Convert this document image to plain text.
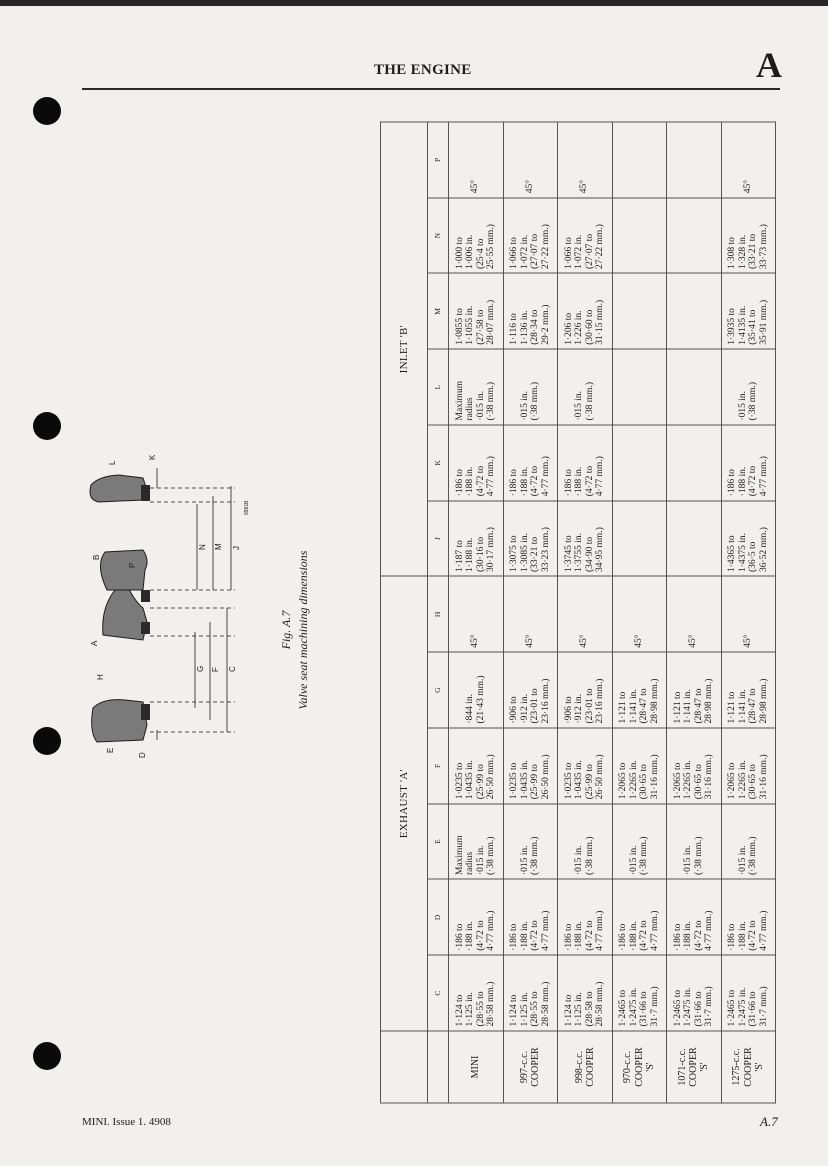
THE ENGINE	A
A
B
C
D
E
F
G
H
J
K
L
M
N
P
9981B
Fig. A.7 Valve seat machining dimensions
	EXHAUST 'A'						INLET 'B'					
	C	D	E	F	G	H	J	K	L	M	N	P

MINI	1·124 to 1·125 in. (28·55 to 28·58 mm.)	·186 to ·188 in. (4·72 to 4·77 mm.)	Maximum radius ·015 in. (·38 mm.)	1·0235 to 1·0435 in. (25·99 to 26·50 mm.)	·844 in. (21·43 mm.)	45°	1·187 to 1·188 in. (30·16 to 30·17 mm.)	·186 to ·188 in. (4·72 to 4·77 mm.)	Maximum radius ·015 in. (·38 mm.)	1·0855 to 1·1055 in. (27·58 to 28·07 mm.)	1·000 to 1·006 in. (25·4 to 25·55 mm.)	45°

997-c.c. COOPER	1·124 to 1·125 in. (28·55 to 28·58 mm.)	·186 to ·188 in. (4·72 to 4·77 mm.)	·015 in. (·38 mm.)	1·0235 to 1·0435 in. (25·99 to 26·50 mm.)	·906 to ·912 in. (23·01 to 23·16 mm.)	45°	1·3075 to 1·3085 in. (33·21 to 33·23 mm.)	·186 to ·188 in. (4·72 to 4·77 mm.)	·015 in. (·38 mm.)	1·116 to 1·136 in. (28·34 to 29·2 mm.)	1·066 to 1·072 in. (27·07 to 27·22 mm.)	45°

998-c.c. COOPER	1·124 to 1·125 in. (28·58 to 28·58 mm.)	·186 to ·188 in. (4·72 to 4·77 mm.)	·015 in. (·38 mm.)	1·0235 to 1·0435 in. (25·99 to 26·50 mm.)	·906 to ·912 in. (23·01 to 23·16 mm.)	45°	1·3745 to 1·3755 in. (34·90 to 34·95 mm.)	·186 to ·188 in. (4·72 to 4·77 mm.)	·015 in. (·38 mm.)	1·206 to 1·226 in. (30·60 to 31·15 mm.)	1·066 to 1·072 in. (27·07 to 27·22 mm.)	45°

970-c.c. COOPER 'S'	1·2465 to 1·2475 in. (31·66 to 31·7 mm.)	·186 to ·188 in. (4·72 to 4·77 mm.)	·015 in. (·38 mm.)	1·2065 to 1·2265 in. (30·65 to 31·16 mm.)	1·121 to 1·141 in. (28·47 to 28·98 mm.)	45°						

1071-c.c. COOPER 'S'	1·2465 to 1·2475 in. (31·66 to 31·7 mm.)	·186 to ·188 in. (4·72 to 4·77 mm.)	·015 in. (·38 mm.)	1·2065 to 1·2265 in. (30·65 to 31·16 mm.)	1·121 to 1·141 in. (28·47 to 28·98 mm.)	45°						

1275-c.c. COOPER 'S'	1·2465 to 1·2475 in. (31·66 to 31·7 mm.)	·186 to ·188 in. (4·72 to 4·77 mm.)	·015 in. (·38 mm.)	1·2065 to 1·2265 in. (30·65 to 31·16 mm.)	1·121 to 1·141 in. (28·47 to 28·98 mm.)	45°	1·4365 to 1·4375 in. (36·5 to 36·52 mm.)	·186 to ·188 in. (4·72 to 4·77 mm.)	·015 in. (·38 mm.)	1·3935 to 1·4135 in. (35·41 to 35·91 mm.)	1·308 to 1·328 in. (33·21 to 33·73 mm.)	45°
MINI. Issue 1. 4908	A.7
